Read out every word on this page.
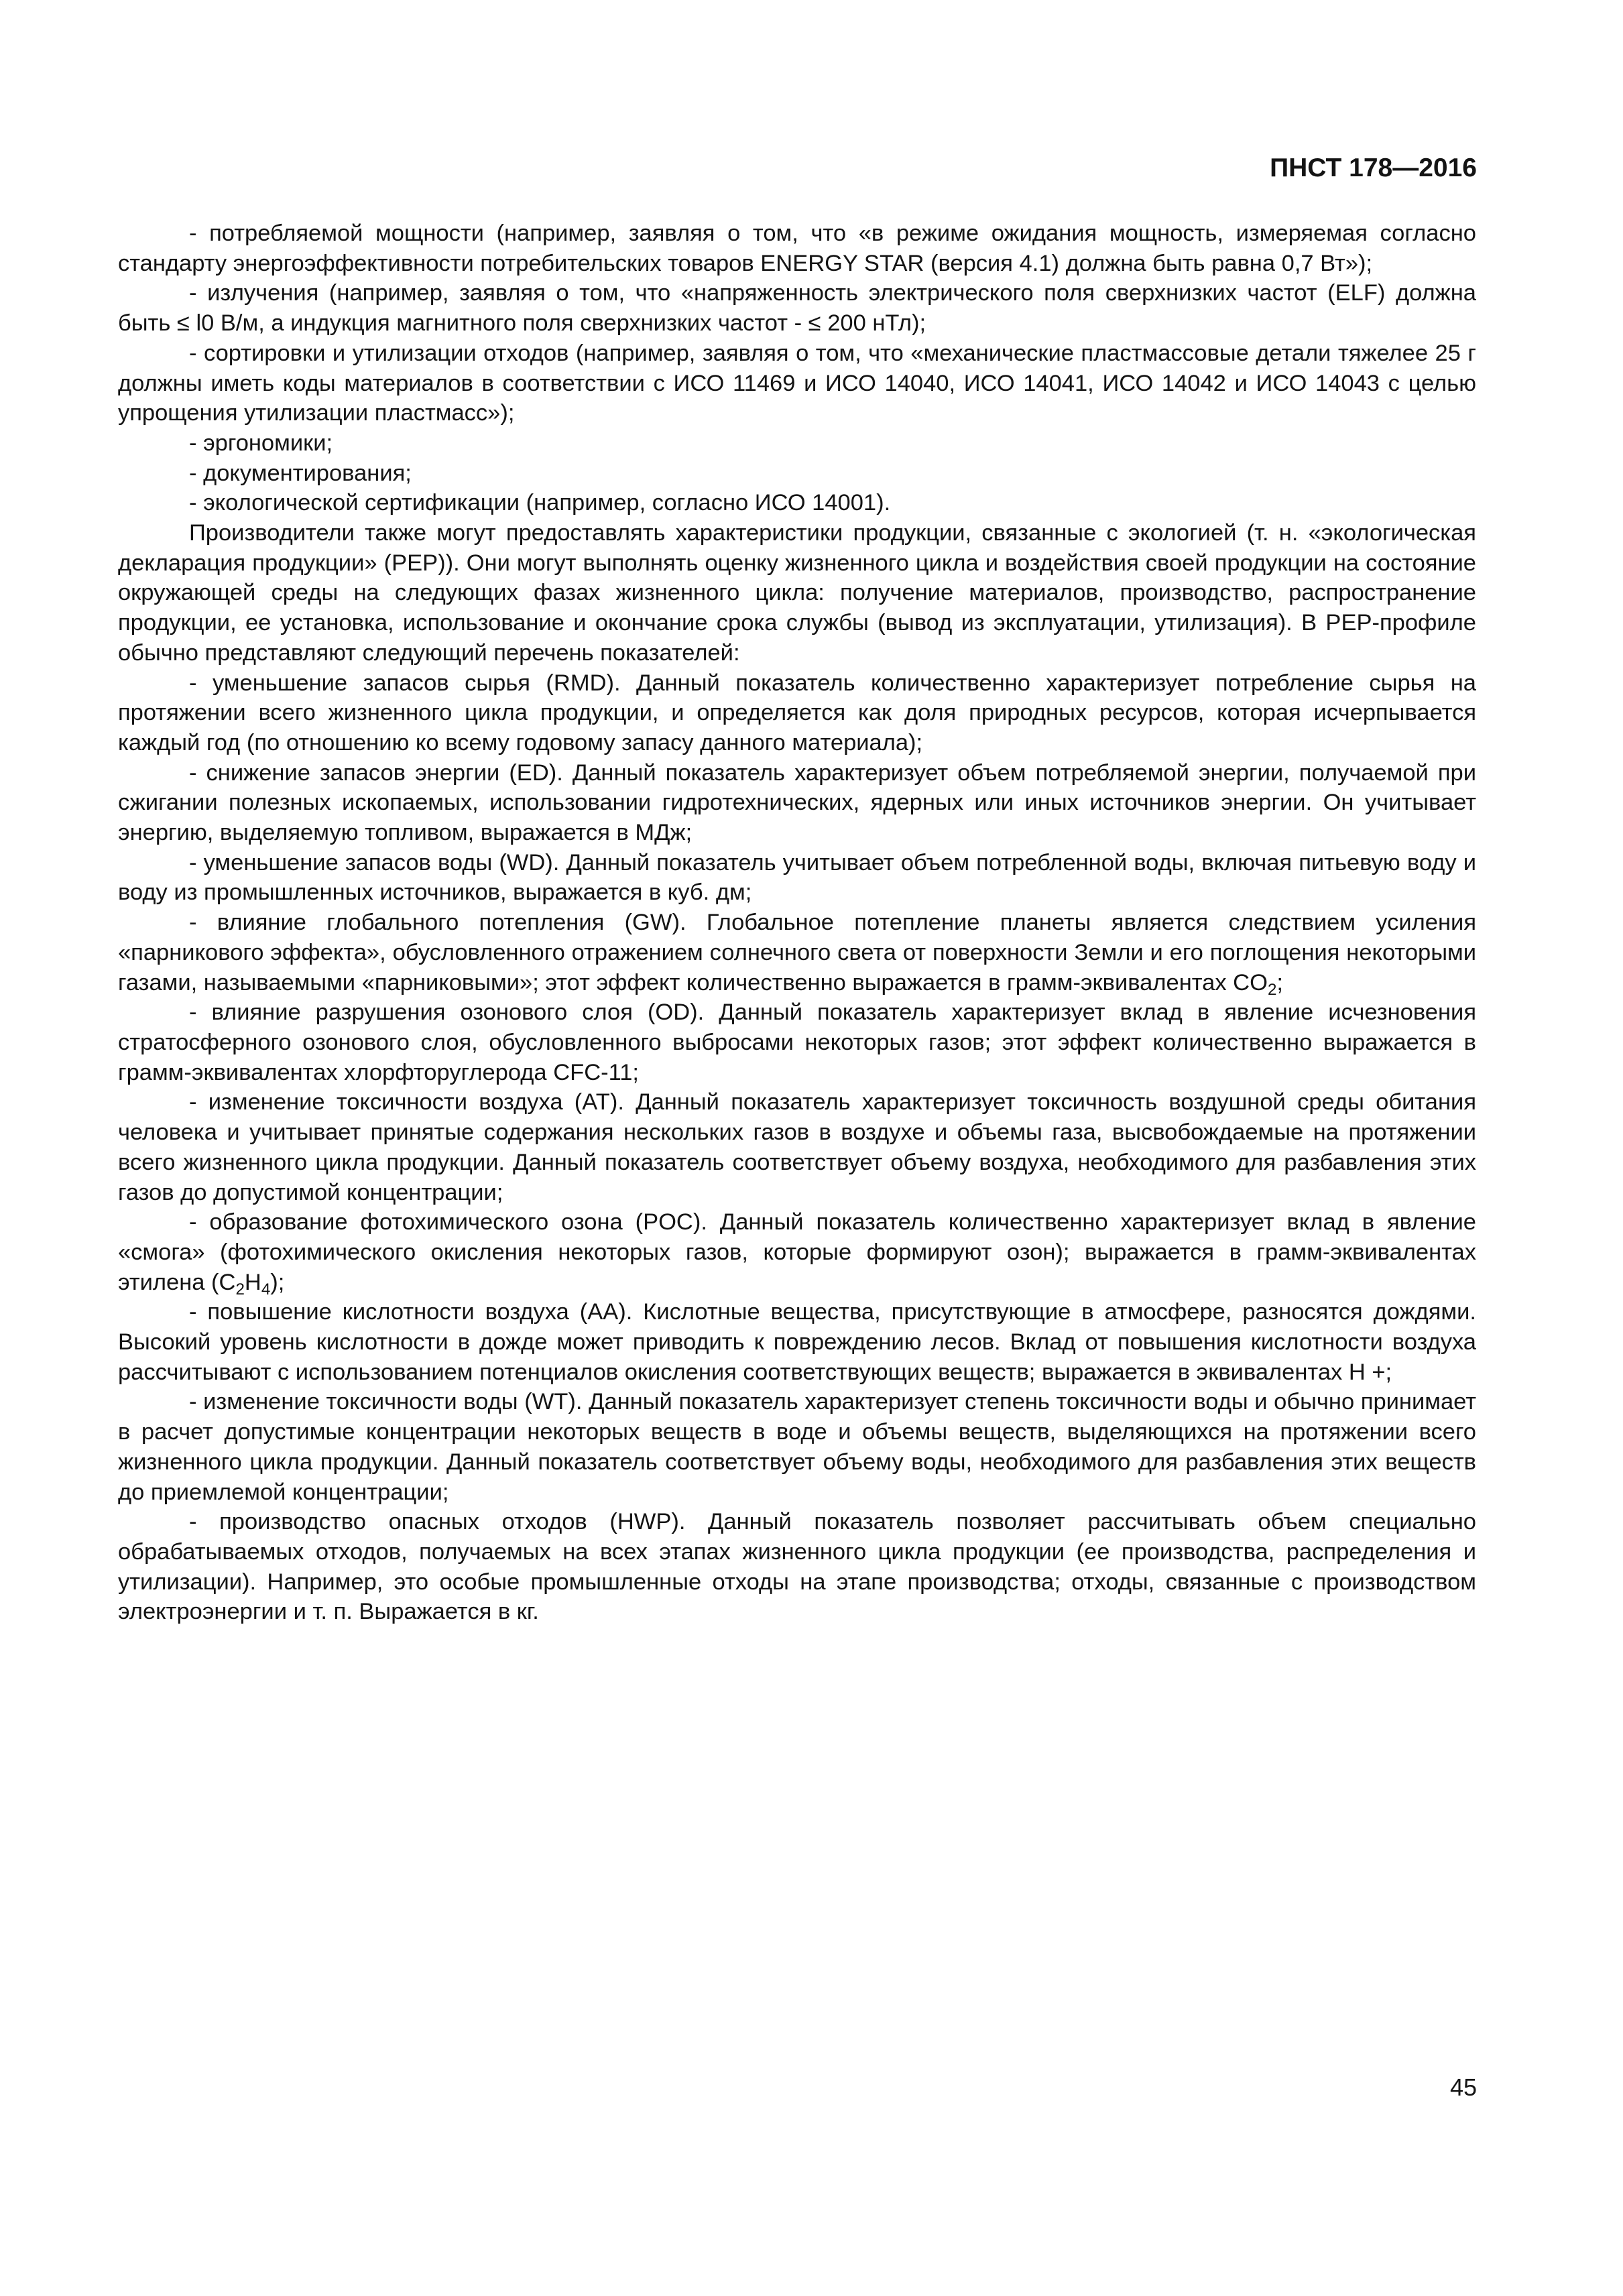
ПНСТ 178—2016

- потребляемой мощности (например, заявляя о том, что «в режиме ожидания мощность, измеряемая согласно стандарту энергоэффективности потребительских товаров ENERGY STAR (версия 4.1) должна быть равна 0,7 Вт»);

- излучения (например, заявляя о том, что «напряженность электрического поля сверхнизких частот (ELF) должна быть ≤ l0 В/м, а индукция магнитного поля сверхнизких частот - ≤ 200 нТл);

- сортировки и утилизации отходов (например, заявляя о том, что «механические пластмассовые детали тяжелее 25 г должны иметь коды материалов в соответствии с ИСО 11469 и ИСО 14040, ИСО 14041, ИСО 14042 и ИСО 14043 с целью упрощения утилизации пластмасс»);

- эргономики;

- документирования;

- экологической сертификации (например, согласно ИСО 14001).

Производители также могут предоставлять характеристики продукции, связанные с экологией (т. н. «экологическая декларация продукции» (PEP)). Они могут выполнять оценку жизненного цикла и воздействия своей продукции на состояние окружающей среды на следующих фазах жизненного цикла: получение материалов, производство, распространение продукции, ее установка, использование и окончание срока службы (вывод из эксплуатации, утилизация). В PEP-профиле обычно представляют следующий перечень показателей:

- уменьшение запасов сырья (RMD). Данный показатель количественно характеризует потребление сырья на протяжении всего жизненного цикла продукции, и определяется как доля природных ресурсов, которая исчерпывается каждый год (по отношению ко всему годовому запасу данного материала);

- снижение запасов энергии (ED). Данный показатель характеризует объем потребляемой энергии, получаемой при сжигании полезных ископаемых, использовании гидротехнических, ядерных или иных источников энергии. Он учитывает энергию, выделяемую топливом, выражается в МДж;

- уменьшение запасов воды (WD). Данный показатель учитывает объем потребленной воды, включая питьевую воду и воду из промышленных источников, выражается в куб. дм;

- влияние глобального потепления (GW). Глобальное потепление планеты является следствием усиления «парникового эффекта», обусловленного отражением солнечного света от поверхности Земли и его поглощения некоторыми газами, называемыми «парниковыми»; этот эффект количественно выражается в грамм-эквивалентах $CO_2$;

- влияние разрушения озонового слоя (OD). Данный показатель характеризует вклад в явление исчезновения стратосферного озонового слоя, обусловленного выбросами некоторых газов; этот эффект количественно выражается в грамм-эквивалентах хлорфторуглерода CFC-11;

- изменение токсичности воздуха (AT). Данный показатель характеризует токсичность воздушной среды обитания человека и учитывает принятые содержания нескольких газов в воздухе и объемы газа, высвобождаемые на протяжении всего жизненного цикла продукции. Данный показатель соответствует объему воздуха, необходимого для разбавления этих газов до допустимой концентрации;

- образование фотохимического озона (POC). Данный показатель количественно характеризует вклад в явление «смога» (фотохимического окисления некоторых газов, которые формируют озон); выражается в грамм-эквивалентах этилена $(C_2H_4)$;

- повышение кислотности воздуха (AA). Кислотные вещества, присутствующие в атмосфере, разносятся дождями. Высокий уровень кислотности в дожде может приводить к повреждению лесов. Вклад от повышения кислотности воздуха рассчитывают с использованием потенциалов окисления соответствующих веществ; выражается в эквивалентах H +;

- изменение токсичности воды (WT). Данный показатель характеризует степень токсичности воды и обычно принимает в расчет допустимые концентрации некоторых веществ в воде и объемы веществ, выделяющихся на протяжении всего жизненного цикла продукции. Данный показатель соответствует объему воды, необходимого для разбавления этих веществ до приемлемой концентрации;

- производство опасных отходов (HWP). Данный показатель позволяет рассчитывать объем специально обрабатываемых отходов, получаемых на всех этапах жизненного цикла продукции (ее производства, распределения и утилизации). Например, это особые промышленные отходы на этапе производства; отходы, связанные с производством электроэнергии и т. п. Выражается в кг.

45
